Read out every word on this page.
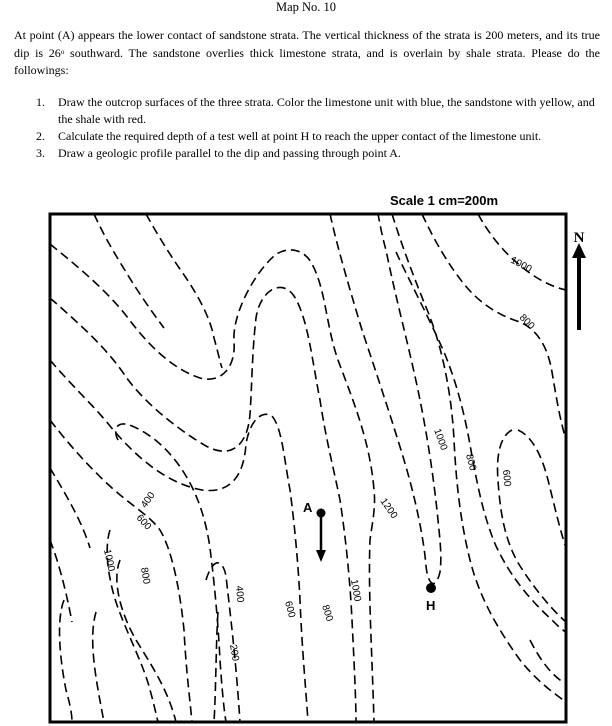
Map No. 10
At point (A) appears the lower contact of sandstone strata. The vertical thickness of the strata is 200 meters, and its true dip is 26$^o$ southward. The sandstone overlies thick limestone strata, and is overlain by shale strata. Please do the followings:

1. Draw the outcrop surfaces of the three strata. Color the limestone unit with blue, the sandstone with yellow, and the shale with red.

2. Calculate the required depth of a test well at point H to reach the upper contact of the limestone unit.

3. Draw a geologic profile parallel to the dip and passing through point A.

Scale 1 cm=200m
N
A
H
1000
800
1000
800
600
1200
400
600
1000
800
400
200
600 800
1000
